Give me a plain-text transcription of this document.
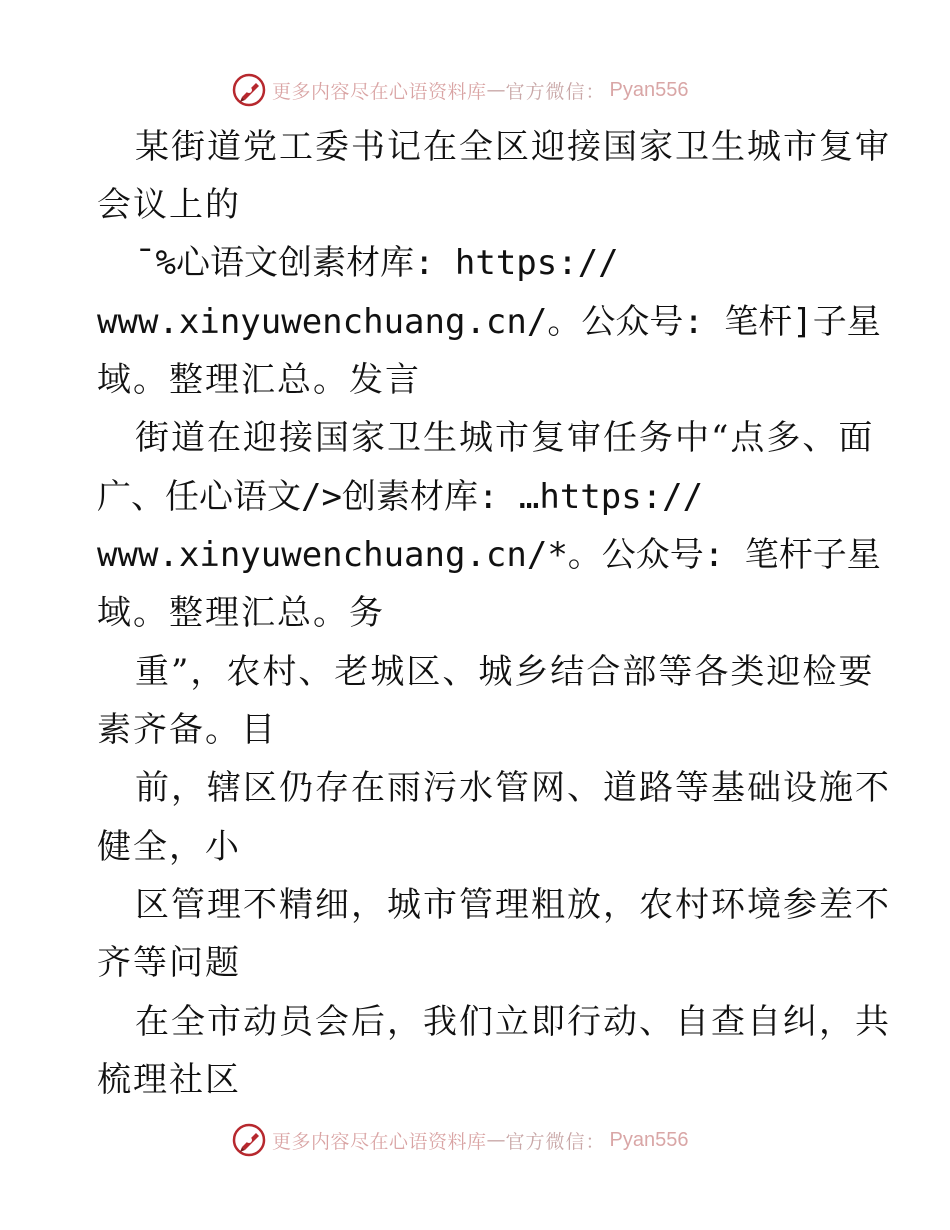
更多内容尽在心语资料库 — 官方微信： Pyan556
某街道党工委书记在全区迎接国家卫生城市复审
会议上的
¯%心语文创素材库: https://
www.xinyuwenchuang.cn/。公众号: 笔杆]子星
域。整理汇总。发言
街道在迎接国家卫生城市复审任务中“点多、面
广、任心语文/>创素材库: …https://
www.xinyuwenchuang.cn/*。公众号: 笔杆子星
域。整理汇总。务
重”，农村、老城区、城乡结合部等各类迎检要
素齐备。目
前，辖区仍存在雨污水管网、道路等基础设施不
健全，小
区管理不精细，城市管理粗放，农村环境参差不
齐等问题
在全市动员会后，我们立即行动、自查自纠，共
梳理社区
更多内容尽在心语资料库 — 官方微信： Pyan556
